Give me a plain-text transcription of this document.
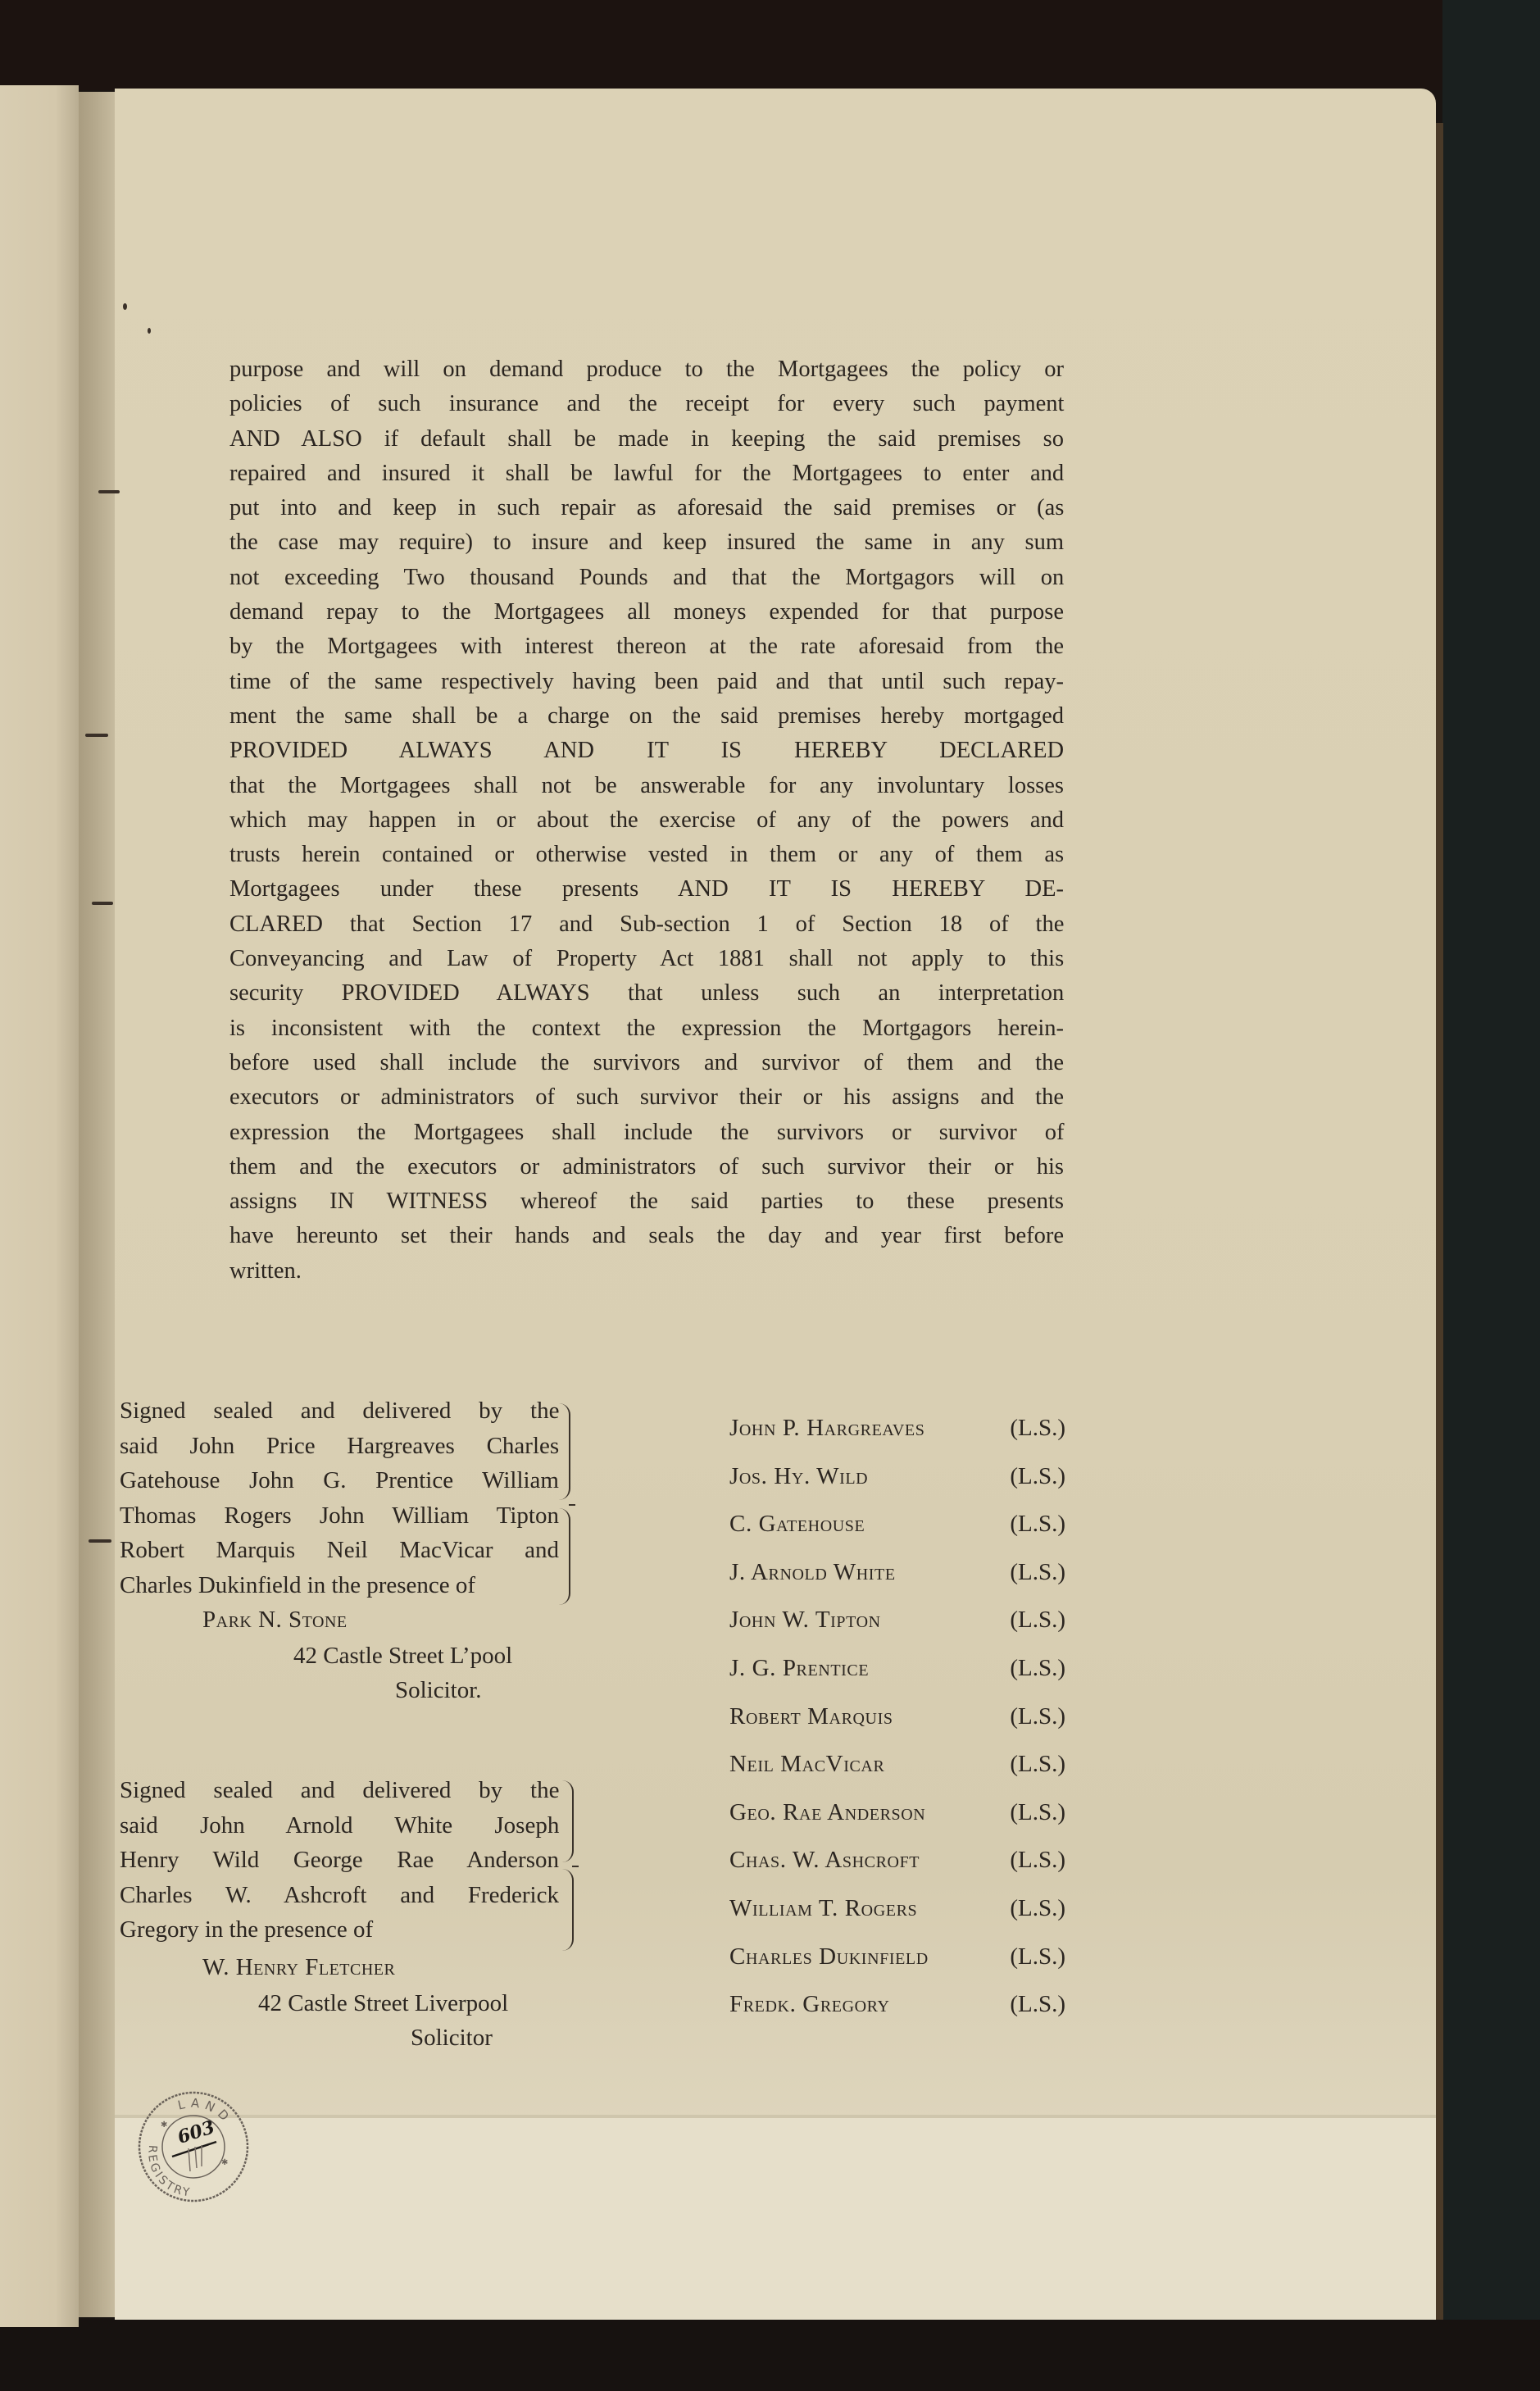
purpose and will on demand produce to the Mortgagees the policy or
policies of such insurance and the receipt for every such payment
AND ALSO if default shall be made in keeping the said premises so
repaired and insured it shall be lawful for the Mortgagees to enter and
put into and keep in such repair as aforesaid the said premises or (as
the case may require) to insure and keep insured the same in any sum
not exceeding Two thousand Pounds and that the Mortgagors will on
demand repay to the Mortgagees all moneys expended for that purpose
by the Mortgagees with interest thereon at the rate aforesaid from the
time of the same respectively having been paid and that until such repay-
ment the same shall be a charge on the said premises hereby mortgaged
PROVIDED ALWAYS AND IT IS HEREBY DECLARED
that the Mortgagees shall not be answerable for any involuntary losses
which may happen in or about the exercise of any of the powers and
trusts herein contained or otherwise vested in them or any of them as
Mortgagees under these presents AND IT IS HEREBY DE-
CLARED that Section 17 and Sub-section 1 of Section 18 of the
Conveyancing and Law of Property Act 1881 shall not apply to this
security PROVIDED ALWAYS that unless such an interpretation
is inconsistent with the context the expression the Mortgagors herein-
before used shall include the survivors and survivor of them and the
executors or administrators of such survivor their or his assigns and the
expression the Mortgagees shall include the survivors or survivor of
them and the executors or administrators of such survivor their or his
assigns IN WITNESS whereof the said parties to these presents
have hereunto set their hands and seals the day and year first before
written.
Signed sealed and delivered by the
said John Price Hargreaves Charles
Gatehouse John G. Prentice William
Thomas Rogers John William Tipton
Robert Marquis Neil MacVicar and
Charles Dukinfield in the presence of
Park N. Stone
42 Castle Street L’pool
Solicitor.
Signed sealed and delivered by the
said John Arnold White Joseph
Henry Wild George Rae Anderson
Charles W. Ashcroft and Frederick
Gregory in the presence of
W. Henry Fletcher
42 Castle Street Liverpool
Solicitor
John P. Hargreaves	(L.S.)
Jos. Hy. Wild	(L.S.)
C. Gatehouse	(L.S.)
J. Arnold White	(L.S.)
John W. Tipton	(L.S.)
J. G. Prentice	(L.S.)
Robert Marquis	(L.S.)
Neil MacVicar	(L.S.)
Geo. Rae Anderson	(L.S.)
Chas. W. Ashcroft	(L.S.)
William T. Rogers	(L.S.)
Charles Dukinfield	(L.S.)
Fredk. Gregory	(L.S.)
LAND
REGISTRY
603
✱
✱
